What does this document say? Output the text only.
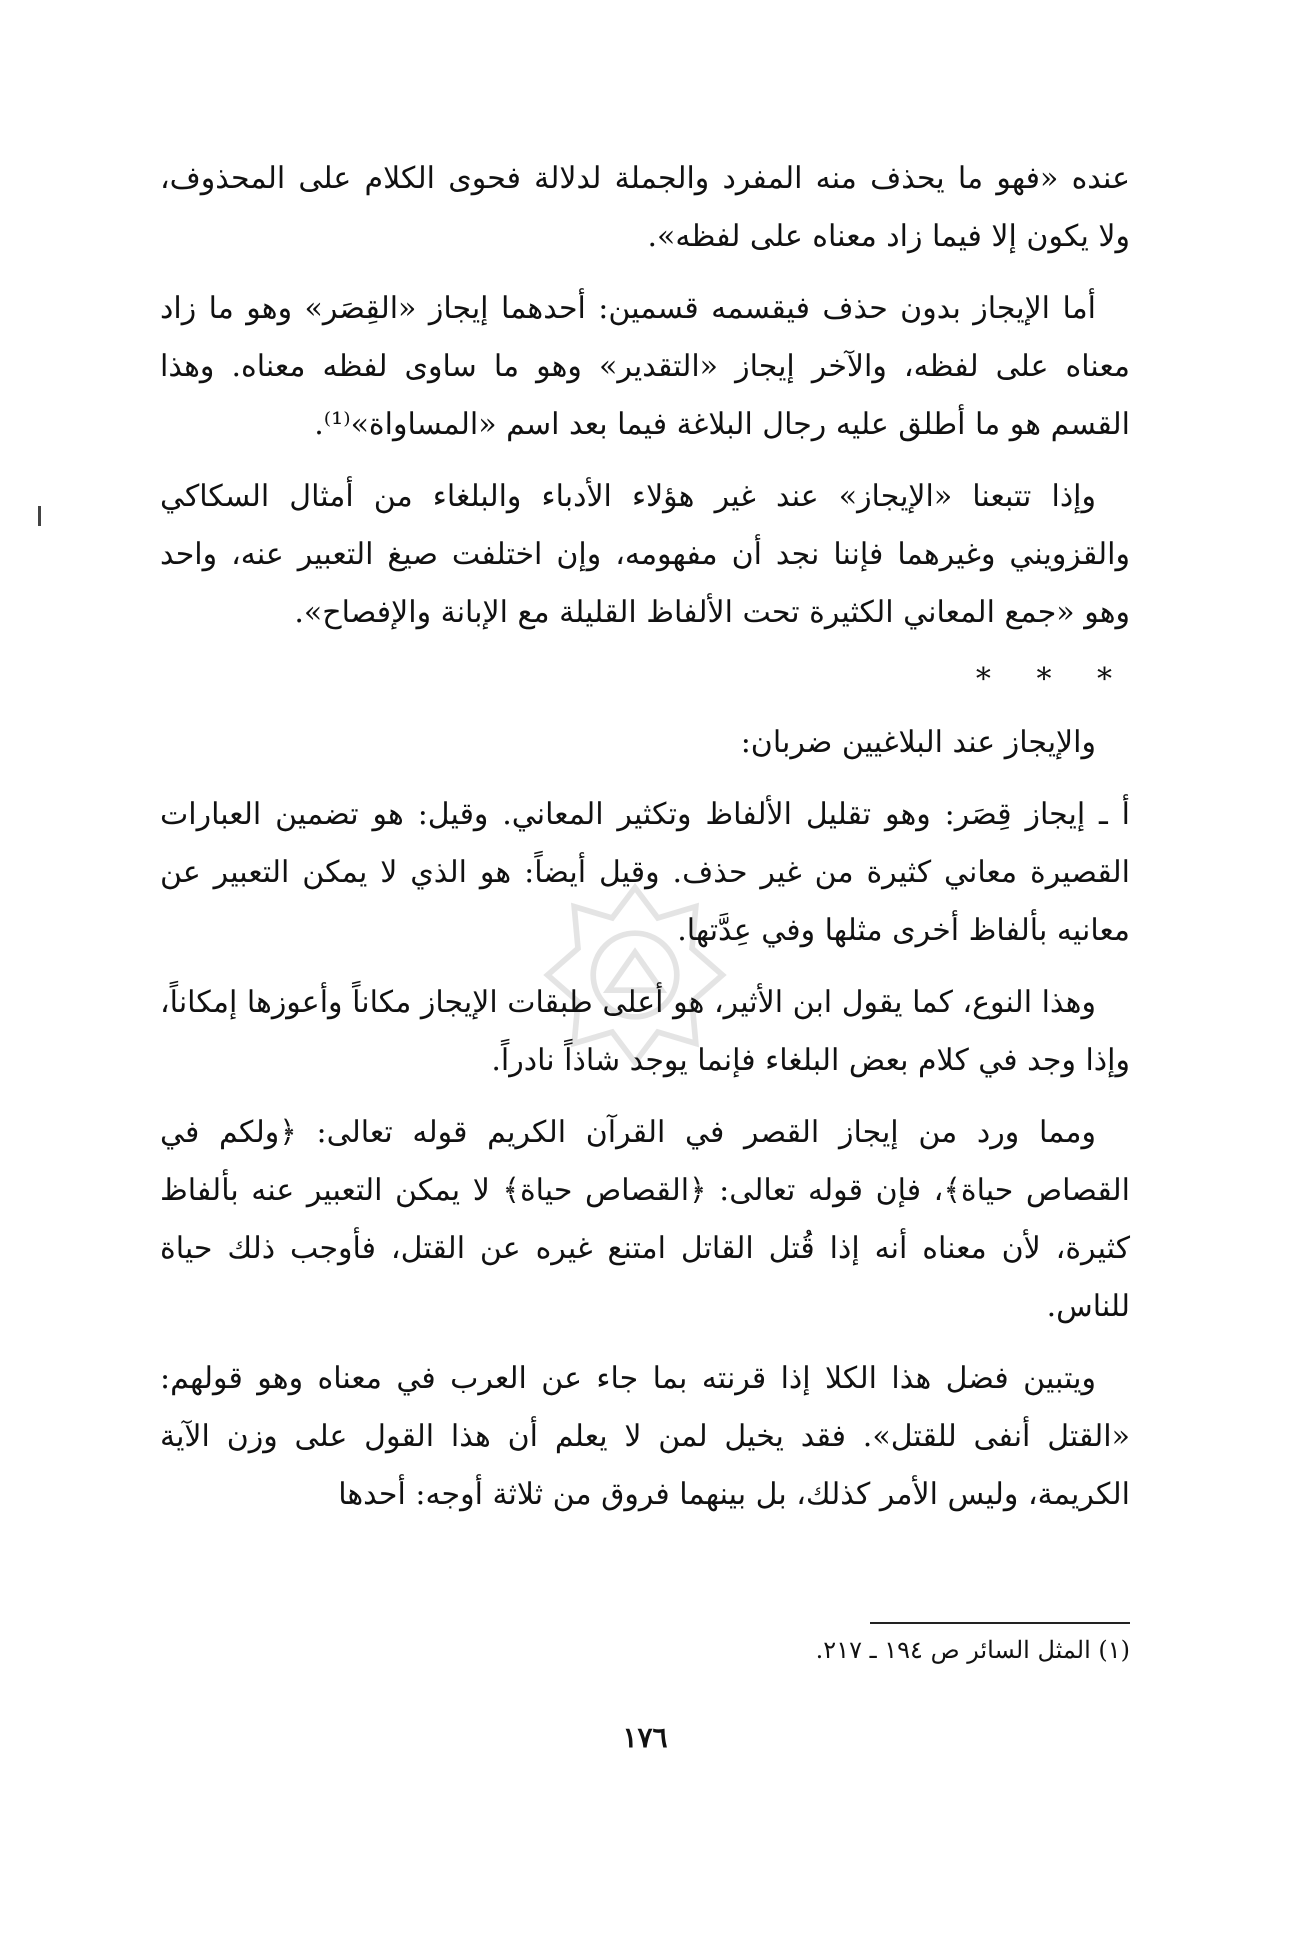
عنده «فهو ما يحذف منه المفرد والجملة لدلالة فحوى الكلام على المحذوف، ولا يكون إلا فيما زاد معناه على لفظه».

أما الإيجاز بدون حذف فيقسمه قسمين: أحدهما إيجاز «القِصَر» وهو ما زاد معناه على لفظه، والآخر إيجاز «التقدير» وهو ما ساوى لفظه معناه. وهذا القسم هو ما أطلق عليه رجال البلاغة فيما بعد اسم «المساواة»⁽¹⁾.

وإذا تتبعنا «الإيجاز» عند غير هؤلاء الأدباء والبلغاء من أمثال السكاكي والقزويني وغيرهما فإننا نجد أن مفهومه، وإن اختلفت صيغ التعبير عنه، واحد وهو «جمع المعاني الكثيرة تحت الألفاظ القليلة مع الإبانة والإفصاح».

* * *

والإيجاز عند البلاغيين ضربان:

أ ـ إيجاز قِصَر: وهو تقليل الألفاظ وتكثير المعاني. وقيل: هو تضمين العبارات القصيرة معاني كثيرة من غير حذف. وقيل أيضاً: هو الذي لا يمكن التعبير عن معانيه بألفاظ أخرى مثلها وفي عِدَّتها.

وهذا النوع، كما يقول ابن الأثير، هو أعلى طبقات الإيجاز مكاناً وأعوزها إمكاناً، وإذا وجد في كلام بعض البلغاء فإنما يوجد شاذاً نادراً.

ومما ورد من إيجاز القصر في القرآن الكريم قوله تعالى: ﴿ولكم في القصاص حياة﴾، فإن قوله تعالى: ﴿القصاص حياة﴾ لا يمكن التعبير عنه بألفاظ كثيرة، لأن معناه أنه إذا قُتل القاتل امتنع غيره عن القتل، فأوجب ذلك حياة للناس.

ويتبين فضل هذا الكلا إذا قرنته بما جاء عن العرب في معناه وهو قولهم: «القتل أنفى للقتل». فقد يخيل لمن لا يعلم أن هذا القول على وزن الآية الكريمة، وليس الأمر كذلك، بل بينهما فروق من ثلاثة أوجه: أحدها

(١) المثل السائر ص ١٩٤ ـ ٢١٧.
١٧٦
